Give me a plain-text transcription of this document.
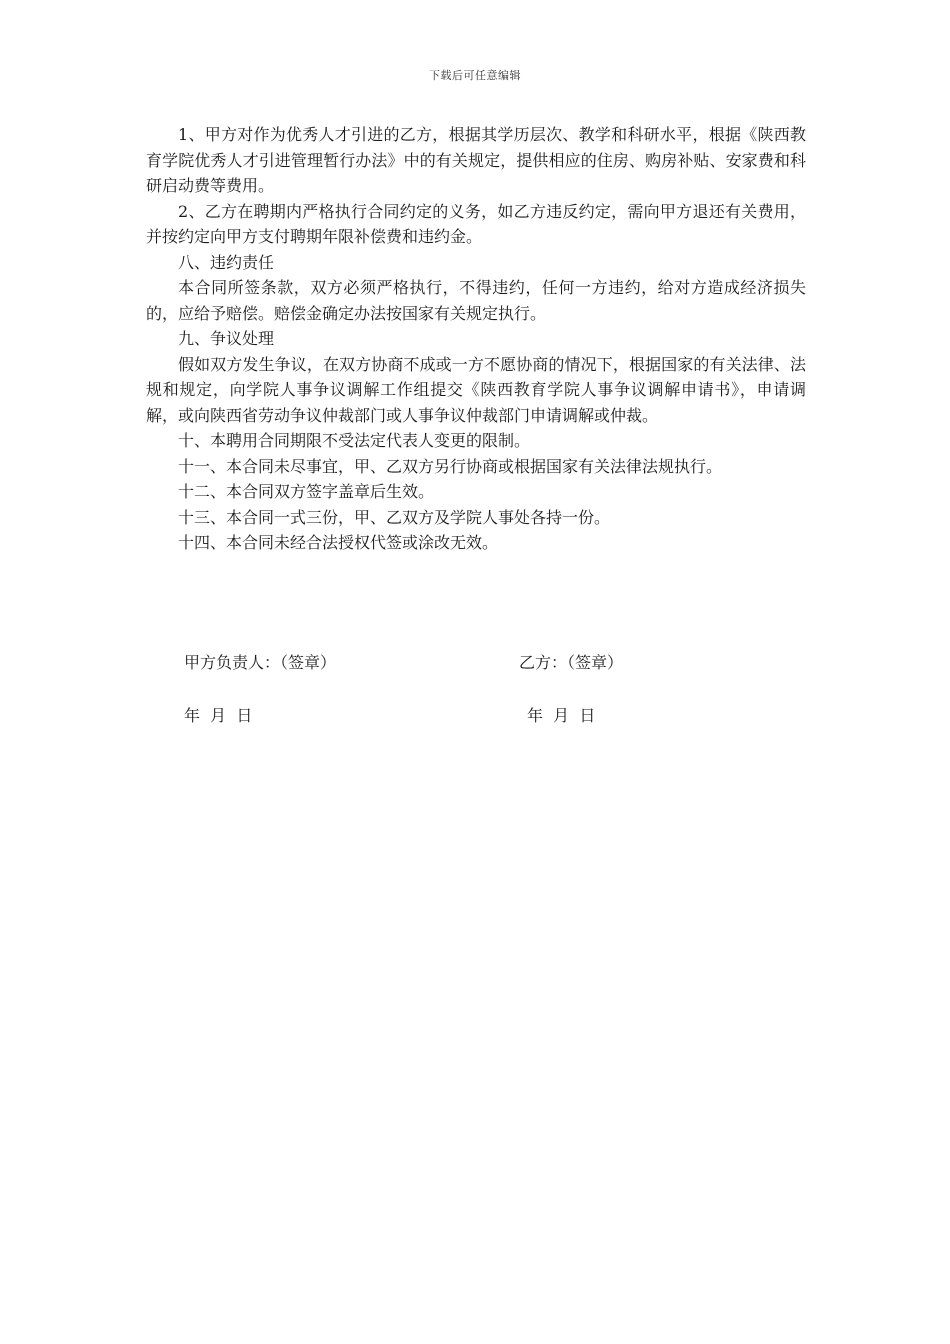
下载后可任意编辑

1、甲方对作为优秀人才引进的乙方，根据其学历层次、教学和科研水平，根据《陕西教育学院优秀人才引进管理暂行办法》中的有关规定，提供相应的住房、购房补贴、安家费和科研启动费等费用。

2、乙方在聘期内严格执行合同约定的义务，如乙方违反约定，需向甲方退还有关费用，并按约定向甲方支付聘期年限补偿费和违约金。

八、违约责任

本合同所签条款，双方必须严格执行，不得违约，任何一方违约，给对方造成经济损失的，应给予赔偿。赔偿金确定办法按国家有关规定执行。

九、争议处理

假如双方发生争议，在双方协商不成或一方不愿协商的情况下，根据国家的有关法律、法规和规定，向学院人事争议调解工作组提交《陕西教育学院人事争议调解申请书》，申请调解，或向陕西省劳动争议仲裁部门或人事争议仲裁部门申请调解或仲裁。

十、本聘用合同期限不受法定代表人变更的限制。

十一、本合同未尽事宜，甲、乙双方另行协商或根据国家有关法律法规执行。

十二、本合同双方签字盖章后生效。

十三、本合同一式三份，甲、乙双方及学院人事处各持一份。

十四、本合同未经合法授权代签或涂改无效。

甲方负责人：（签章）	乙方：（签章）
年  月  日	年  月  日
